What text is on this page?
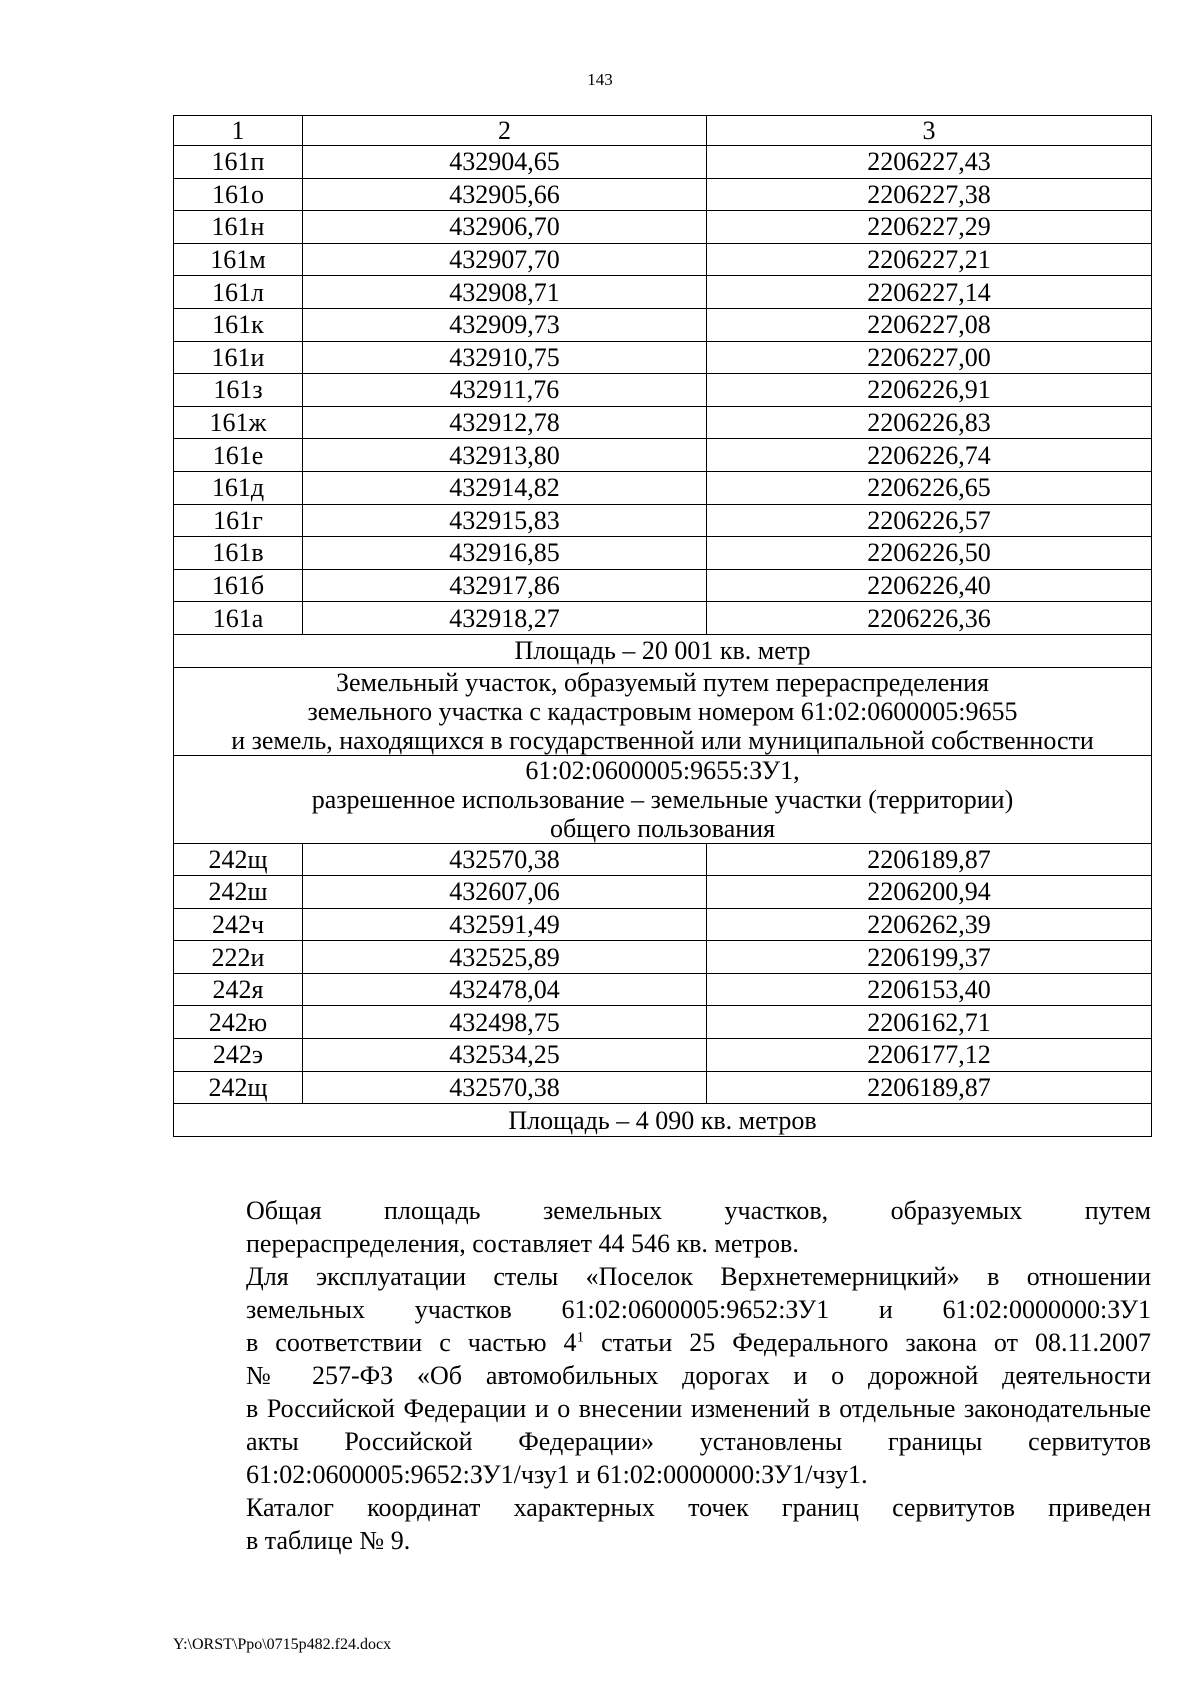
143
1	2	3
161п	432904,65	2206227,43
161о	432905,66	2206227,38
161н	432906,70	2206227,29
161м	432907,70	2206227,21
161л	432908,71	2206227,14
161к	432909,73	2206227,08
161и	432910,75	2206227,00
161з	432911,76	2206226,91
161ж	432912,78	2206226,83
161е	432913,80	2206226,74
161д	432914,82	2206226,65
161г	432915,83	2206226,57
161в	432916,85	2206226,50
161б	432917,86	2206226,40
161а	432918,27	2206226,36
Площадь – 20 001 кв. метр		

Земельный участок, образуемый путем перераспределения
земельного участка с кадастровым номером 61:02:0600005:9655
и земель, находящихся в государственной или муниципальной собственности		

61:02:0600005:9655:ЗУ1,
разрешенное использование – земельные участки (территории)
общего пользования		

242щ	432570,38	2206189,87
242ш	432607,06	2206200,94
242ч	432591,49	2206262,39
222и	432525,89	2206199,37
242я	432478,04	2206153,40
242ю	432498,75	2206162,71
242э	432534,25	2206177,12
242щ	432570,38	2206189,87
Площадь – 4 090 кв. метров		

Общая площадь земельных участков, образуемых путем
перераспределения, составляет 44 546 кв. метров.

Для эксплуатации стелы «Поселок Верхнетемерницкий» в отношении
земельных участков 61:02:0600005:9652:ЗУ1 и 61:02:0000000:ЗУ1
в соответствии с частью $4^1$ статьи 25 Федерального закона от 08.11.2007
№ 257-ФЗ «Об автомобильных дорогах и о дорожной деятельности
в Российской Федерации и о внесении изменений в отдельные законодательные
акты Российской Федерации» установлены границы сервитутов
61:02:0600005:9652:ЗУ1/чзу1 и 61:02:0000000:ЗУ1/чзу1.

Каталог координат характерных точек границ сервитутов приведен
в таблице № 9.

Y:\ORST\Ppo\0715p482.f24.docx
